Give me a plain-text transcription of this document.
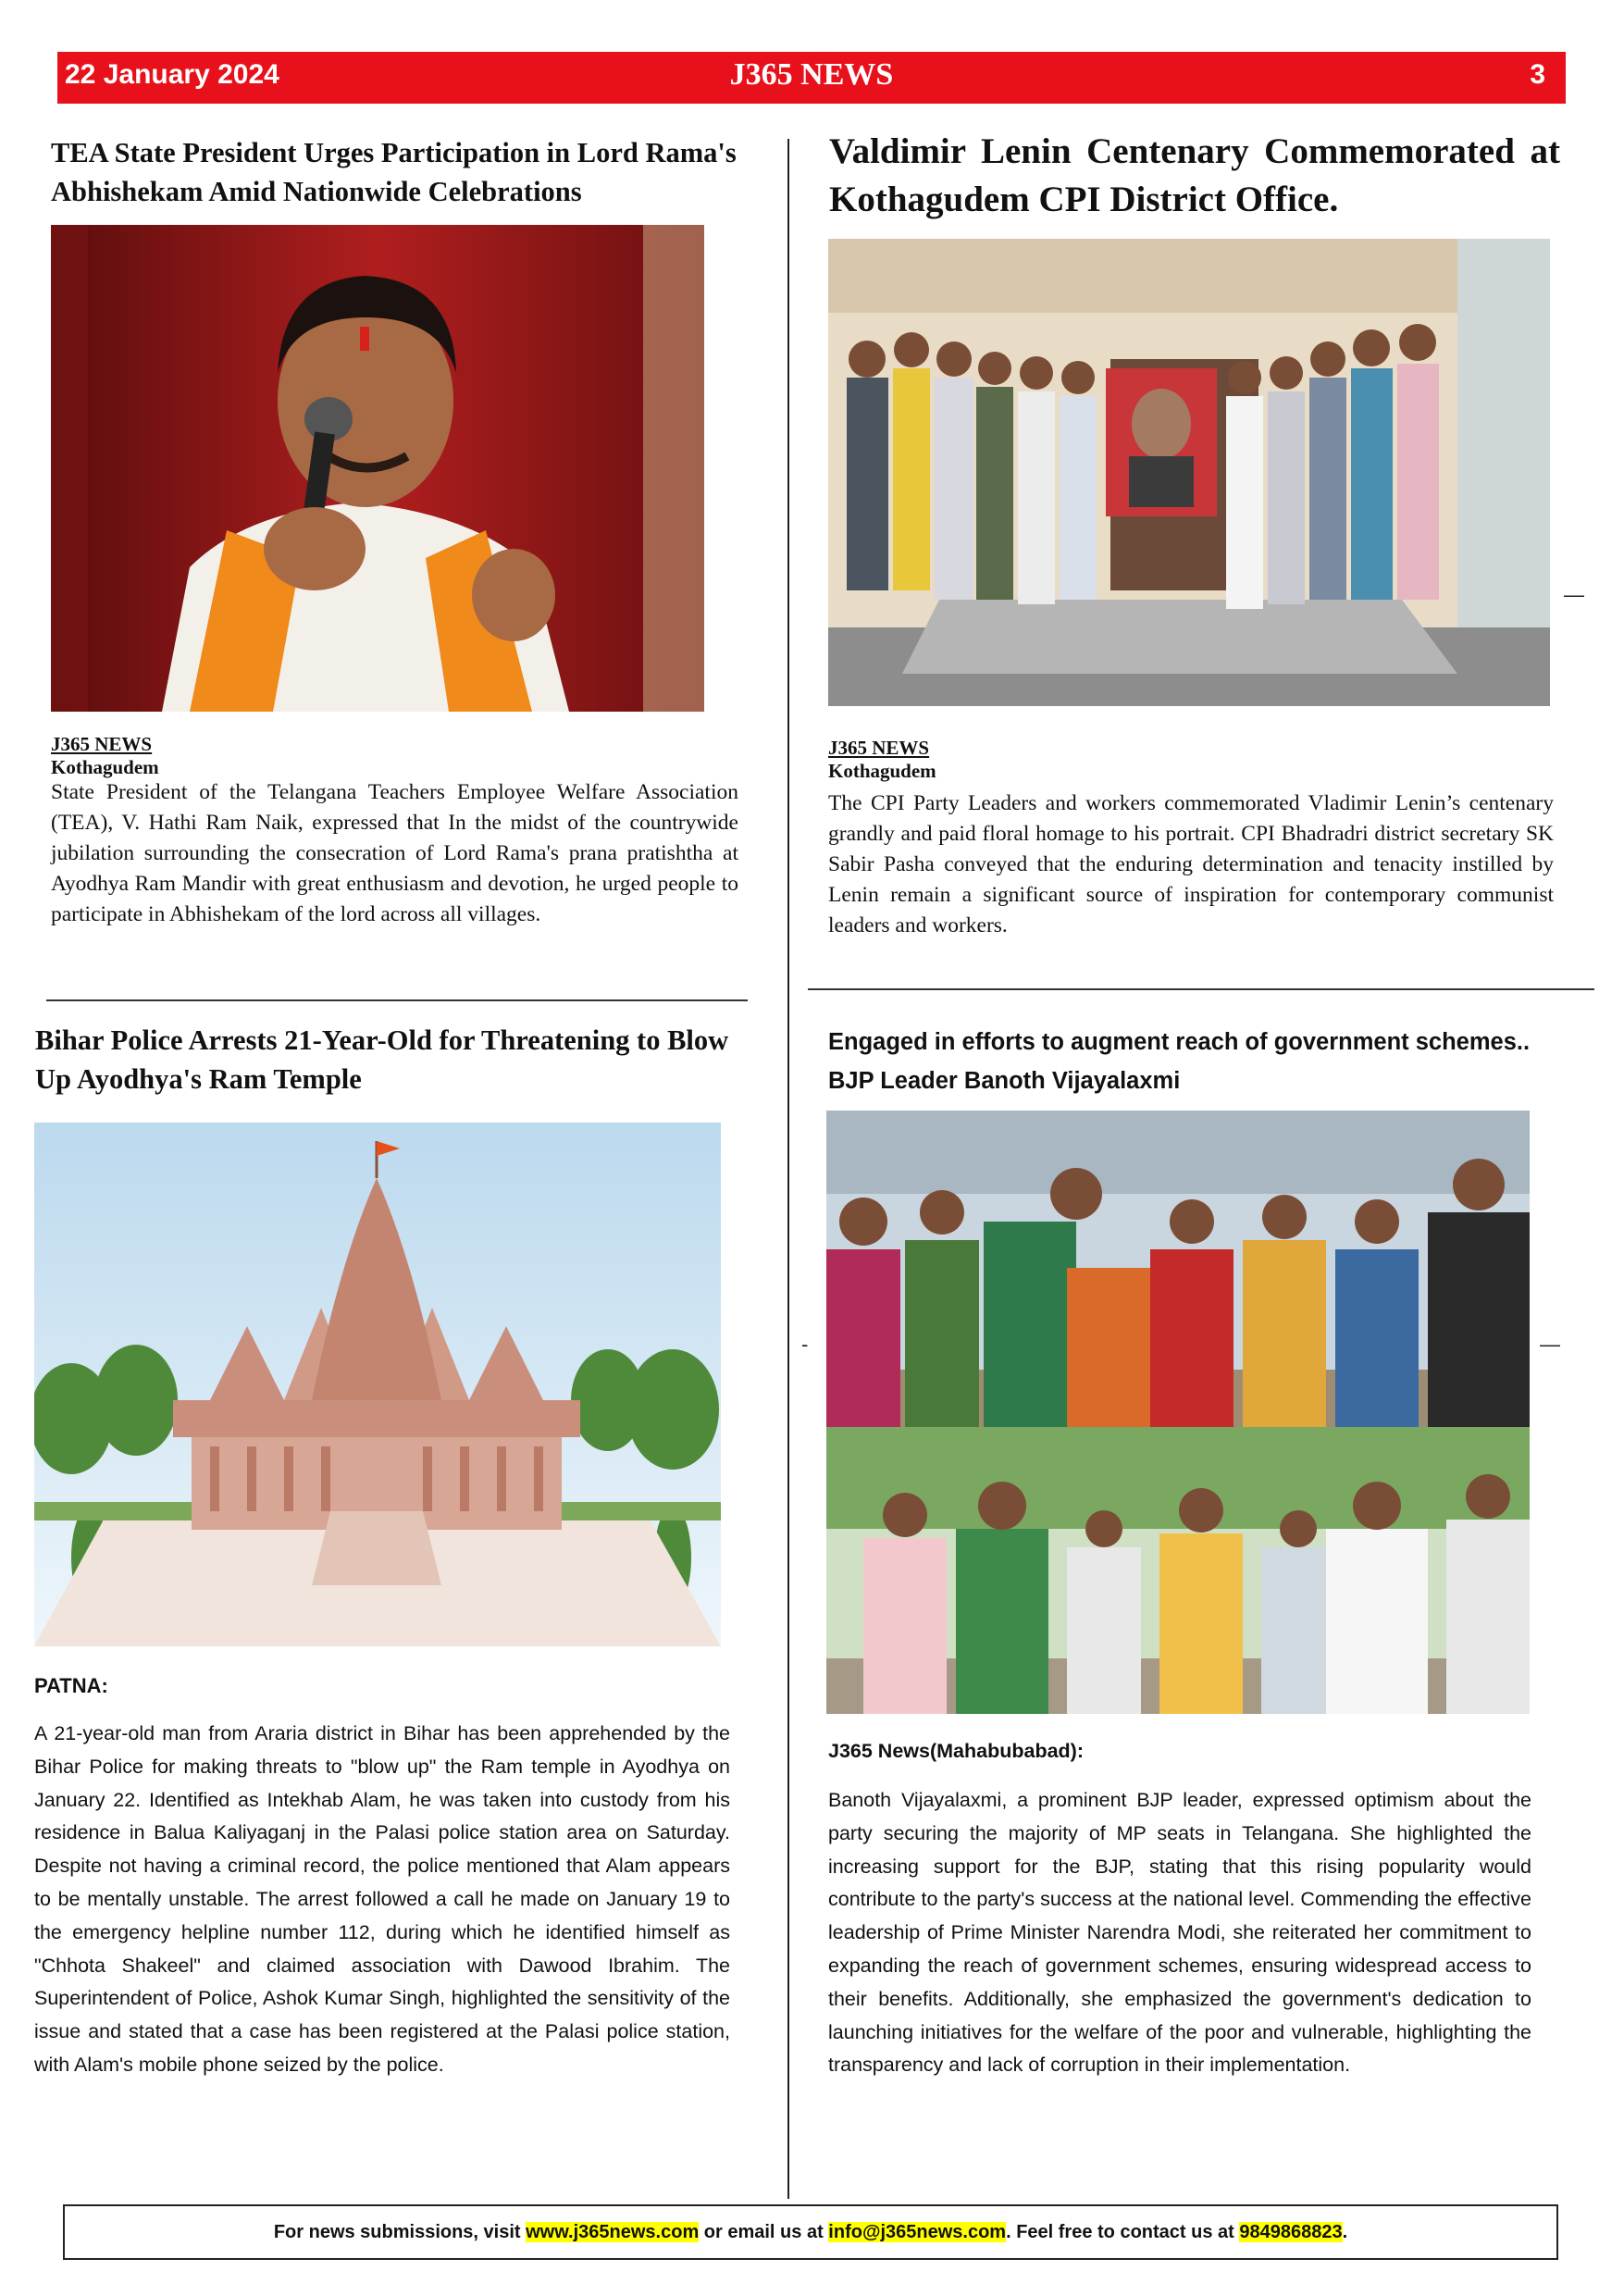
22 January 2024	J365 NEWS	3
TEA State President Urges Participation in Lord Rama's Abhishekam Amid Nationwide Celebrations
J365 NEWS
Kothagudem
State President of the Telangana Teachers Employee Welfare Association (TEA), V. Hathi Ram Naik, expressed that In the midst of the countrywide jubilation surrounding the consecration of Lord Rama's prana pratishtha at Ayodhya Ram Mandir with great enthusiasm and devotion, he urged people to participate in Abhishekam of the lord across all villages.
Bihar Police Arrests 21-Year-Old for Threatening to Blow Up Ayodhya's Ram Temple
PATNA:
A 21-year-old man from Araria district in Bihar has been apprehended by the Bihar Police for making threats to "blow up" the Ram temple in Ayodhya on January 22. Identified as Intekhab Alam, he was taken into custody from his residence in Balua Kaliyaganj in the Palasi police station area on Saturday. Despite not having a criminal record, the police mentioned that Alam appears to be mentally unstable. The arrest followed a call he made on January 19 to the emergency helpline number 112, during which he identified himself as "Chhota Shakeel" and claimed association with Dawood Ibrahim. The Superintendent of Police, Ashok Kumar Singh, highlighted the sensitivity of the issue and stated that a case has been registered at the Palasi police station, with Alam's mobile phone seized by the police.
Valdimir Lenin Centenary Commemorated at Kothagudem CPI District Office.
—
J365 NEWS
Kothagudem
The CPI Party Leaders and workers commemorated Vladimir Lenin’s centenary grandly and paid floral homage to his portrait. CPI Bhadradri district secretary SK Sabir Pasha conveyed that the enduring determination and tenacity instilled by Lenin remain a significant source of inspiration for contemporary communist leaders and workers.
Engaged in efforts to augment reach of government schemes.. BJP Leader Banoth Vijayalaxmi
-	—
J365 News(Mahabubabad):
Banoth Vijayalaxmi, a prominent BJP leader, expressed optimism about the party securing the majority of MP seats in Telangana. She highlighted the increasing support for the BJP, stating that this rising popularity would contribute to the party's success at the national level. Commending the effective leadership of Prime Minister Narendra Modi, she reiterated her commitment to expanding the reach of government schemes, ensuring widespread access to their benefits. Additionally, she emphasized the government's dedication to launching initiatives for the welfare of the poor and vulnerable, highlighting the transparency and lack of corruption in their implementation.
For news submissions, visit www.j365news.com or email us at info@j365news.com. Feel free to contact us at 9849868823.
